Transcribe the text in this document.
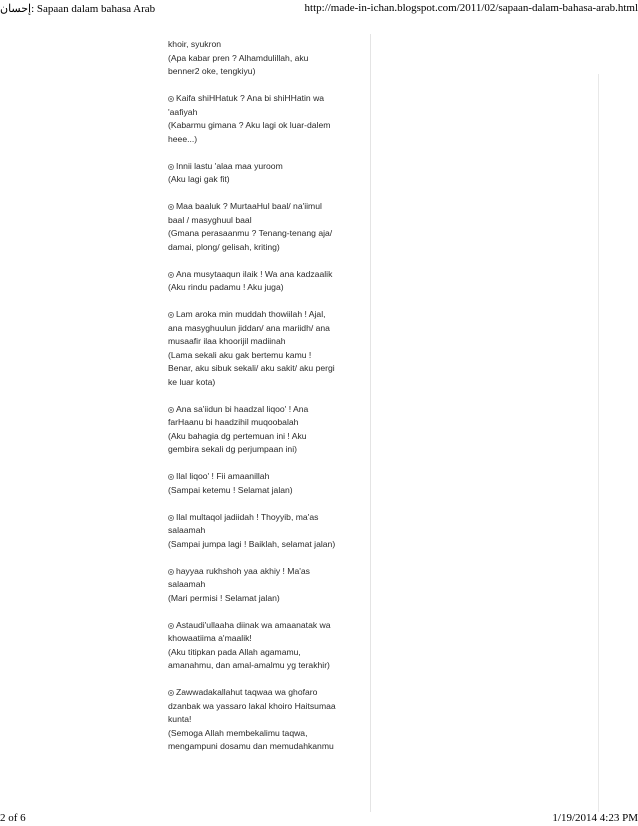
إحسان: Sapaan dalam bahasa Arab	http://made-in-ichan.blogspot.com/2011/02/sapaan-dalam-bahasa-arab.html
khoir, syukron
(Apa kabar pren ? Alhamdulillah, aku
benner2 oke, tengkiyu)
Kaifa shiHHatuk ? Ana bi shiHHatin wa
'aafiyah
(Kabarmu gimana ? Aku lagi ok luar-dalem
heee...)
Innii lastu 'alaa maa yuroom
(Aku lagi gak fit)
Maa baaluk ? MurtaaHul baal/ na'iimul
baal / masyghuul baal
(Gmana perasaanmu ? Tenang-tenang aja/
damai, plong/ gelisah, kriting)
Ana musytaaqun ilaik ! Wa ana kadzaalik
(Aku rindu padamu ! Aku juga)
Lam aroka min muddah thowiilah ! Ajal,
ana masyghuulun jiddan/ ana mariidh/ ana
musaafir ilaa khoorijil madiinah
(Lama sekali aku gak bertemu kamu !
Benar, aku sibuk sekali/ aku sakit/ aku pergi
ke luar kota)
Ana sa'iidun bi haadzal liqoo' ! Ana
farHaanu bi haadzihil muqoobalah
(Aku bahagia dg pertemuan ini ! Aku
gembira sekali dg perjumpaan ini)
Ilal liqoo' ! Fii amaanillah
(Sampai ketemu ! Selamat jalan)
Ilal multaqol jadiidah ! Thoyyib, ma'as
salaamah
(Sampai jumpa lagi ! Baiklah, selamat jalan)
hayyaa rukhshoh yaa akhiy ! Ma'as
salaamah
(Mari permisi ! Selamat jalan)
Astaudi'ullaaha diinak wa amaanatak wa
khowaatiima a'maalik!
(Aku titipkan pada Allah agamamu,
amanahmu, dan amal-amalmu yg terakhir)
Zawwadakallahut taqwaa wa ghofaro
dzanbak wa yassaro lakal khoiro Haitsumaa
kunta!
(Semoga Allah membekalimu taqwa,
mengampuni dosamu dan memudahkanmu
2 of 6	1/19/2014 4:23 PM
